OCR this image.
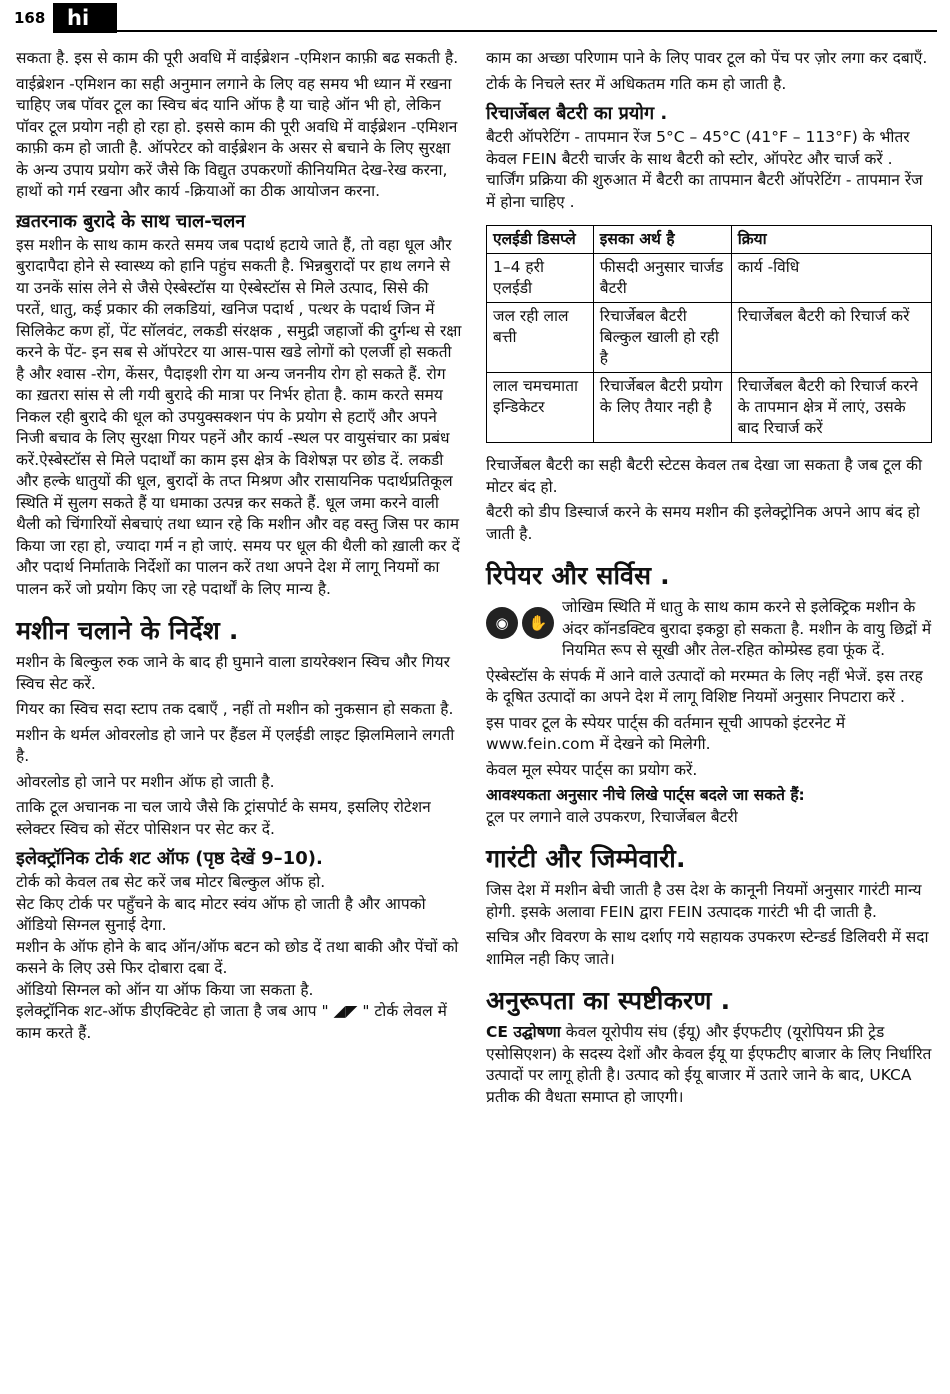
168	hi

सकता है. इस से काम की पूरी अवधि में वाईब्रेशन -एमिशन काफ़ी बढ सकती है.

वाईब्रेशन -एमिशन का सही अनुमान लगाने के लिए वह समय भी ध्यान में रखना चाहिए जब पॉवर टूल का स्विच बंद यानि ऑफ है या चाहे ऑन भी हो, लेकिन पॉवर टूल प्रयोग नही हो रहा हो. इससे काम की पूरी अवधि में वाईब्रेशन -एमिशन काफ़ी कम हो जाती है. ऑपरेटर को वाईब्रेशन के असर से बचाने के लिए सुरक्षा के अन्य उपाय प्रयोग करें जैसे कि विद्युत उपकरणों कीनियमित देख-रेख करना, हाथों को गर्म रखना और कार्य -क्रियाओं का ठीक आयोजन करना.

ख़तरनाक बुरादे के साथ चाल-चलन

इस मशीन के साथ काम करते समय जब पदार्थ हटाये जाते हैं, तो वहा धूल और बुरादापैदा होने से स्वास्थ्य को हानि पहुंच सकती है. भिन्नबुरादों पर हाथ लगने से या उनकें सांस लेने से जैसे ऐस्बेस्टॉस या ऐस्बेस्टॉस से मिले उत्पाद, सिसे की परतें, धातु, कई प्रकार की लकडियां, खनिज पदार्थ , पत्थर के पदार्थ जिन में सिलिकेट कण हों, पेंट सॉलवंट, लकडी संरक्षक , समुद्री जहाजों की दुर्गन्ध से रक्षा करने के पेंट- इन सब से ऑपरेटर या आस-पास खडे लोगों को एलर्जी हो सकती है और श्वास -रोग, केंसर, पैदाइशी रोग या अन्य जननीय रोग हो सकते हैं. रोग का ख़तरा सांस से ली गयी बुरादे की मात्रा पर निर्भर होता है. काम करते समय निकल रही बुरादे की धूल को उपयुक्सक्शन पंप के प्रयोग से हटाएँ और अपने निजी बचाव के लिए सुरक्षा गियर पहनें और कार्य -स्थल पर वायुसंचार का प्रबंध करें.ऐस्बेस्टॉस से मिले पदार्थों का काम इस क्षेत्र के विशेषज्ञ पर छोड दें. लकडी और हल्के धातुयों की धूल, बुरादों के तप्त मिश्रण और रासायनिक पदार्थप्रतिकूल स्थिति में सुलग सकते हैं या धमाका उत्पन्न कर सकते हैं. धूल जमा करने वाली थैली को चिंगारियों सेबचाएं तथा ध्यान रहे कि मशीन और वह वस्तु जिस पर काम किया जा रहा हो, ज्यादा गर्म न हो जाएं. समय पर धूल की थैली को ख़ाली कर दें और पदार्थ निर्माताके निर्देशों का पालन करें तथा अपने देश में लागू नियमों का पालन करें जो प्रयोग किए जा रहे पदार्थों के लिए मान्य है.

मशीन चलाने के निर्देश .

मशीन के बिल्कुल रुक जाने के बाद ही घुमाने वाला डायरेक्शन स्विच और गियर स्विच सेट करें.

गियर का स्विच सदा स्टाप तक दबाएँ , नहीं तो मशीन को नुकसान हो सकता है.

मशीन के थर्मल ओवरलोड हो जाने पर हैंडल में एलईडी लाइट झिलमिलाने लगती है.

ओवरलोड हो जाने पर मशीन ऑफ हो जाती है.

ताकि टूल अचानक ना चल जाये जैसे कि ट्रांसपोर्ट के समय, इसलिए रोटेशन स्लेक्टर स्विच को सेंटर पोसिशन पर सेट कर दें.

इलेक्ट्रॉनिक टोर्क शट ऑफ (पृष्ठ देखें 9–10).

टोर्क को केवल तब सेट करें जब मोटर बिल्कुल ऑफ हो.

सेट किए टोर्क पर पहुँचने के बाद मोटर स्वंय ऑफ हो जाती है और आपको ऑडियो सिग्नल सुनाई देगा.

मशीन के ऑफ होने के बाद ऑन/ऑफ बटन को छोड दें तथा बाकी और पेंचों को कसने के लिए उसे फिर दोबारा दबा दें.

ऑडियो सिग्नल को ऑन या ऑफ किया जा सकता है.

इलेक्ट्रॉनिक शट-ऑफ डीएक्टिवेट हो जाता है जब आप " ◢◤ " टोर्क लेवल में काम करते हैं.

काम का अच्छा परिणाम पाने के लिए पावर टूल को पेंच पर ज़ोर लगा कर दबाएँ.

टोर्क के निचले स्तर में अधिकतम गति कम हो जाती है.

रिचार्जेबल बैटरी का प्रयोग .

बैटरी ऑपरेटिंग - तापमान रेंज 5°C – 45°C (41°F – 113°F) के भीतर केवल FEIN बैटरी चार्जर के साथ बैटरी को स्टोर, ऑपरेट और चार्ज करें . चार्जिंग प्रक्रिया की शुरुआत में बैटरी का तापमान बैटरी ऑपरेटिंग - तापमान रेंज में होना चाहिए .

एलईडी डिसप्ले	इसका अर्थ है	क्रिया
1–4 हरी एलईडी	फीसदी अनुसार चार्जड बैटरी	कार्य -विधि
जल रही लाल बत्ती	रिचार्जेबल बैटरी बिल्कुल खाली हो रही है	रिचार्जेबल बैटरी को रिचार्ज करें
लाल चमचमाता इन्डिकेटर	रिचार्जेबल बैटरी प्रयोग के लिए तैयार नही है	रिचार्जेबल बैटरी को रिचार्ज करने के तापमान क्षेत्र में लाएं, उसके बाद रिचार्ज करें

रिचार्जेबल बैटरी का सही बैटरी स्टेटस केवल तब देखा जा सकता है जब टूल की मोटर बंद हो.

बैटरी को डीप डिस्चार्ज करने के समय मशीन की इलेक्ट्रोनिक अपने आप बंद हो जाती है.

रिपेयर और सर्विस .
◉	✋

जोखिम स्थिति में धातु के साथ काम करने से इलेक्ट्रिक मशीन के अंदर कॉनडक्टिव बुरादा इकठ्ठा हो सकता है. मशीन के वायु छिद्रों में नियमित रूप से सूखी और तेल-रहित कोम्प्रेस्ड हवा फूंक दें.

ऐस्बेस्टॉस के संपर्क में आने वाले उत्पादों को मरम्मत के लिए नहीं भेजें. इस तरह के दूषित उत्पादों का अपने देश में लागू विशिष्ट नियमों अनुसार निपटारा करें .

इस पावर टूल के स्पेयर पार्ट्स की वर्तमान सूची आपको इंटरनेट में www.fein.com में देखने को मिलेगी.

केवल मूल स्पेयर पार्ट्स का प्रयोग करें.

आवश्यकता अनुसार नीचे लिखे पार्ट्स बदले जा सकते हैं:

टूल पर लगाने वाले उपकरण, रिचार्जेबल बैटरी

गारंटी और जिम्मेवारी.

जिस देश में मशीन बेची जाती है उस देश के कानूनी नियमों अनुसार गारंटी मान्य होगी. इसके अलावा FEIN द्वारा FEIN उत्पादक गारंटी भी दी जाती है.

सचित्र और विवरण के साथ दर्शाए गये सहायक उपकरण स्टेन्डर्ड डिलिवरी में सदा शामिल नही किए जाते।

अनुरूपता का स्पष्टीकरण .

CE उद्घोषणा केवल यूरोपीय संघ (ईयू) और ईएफटीए (यूरोपियन फ्री ट्रेड एसोसिएशन) के सदस्य देशों और केवल ईयू या ईएफटीए बाजार के लिए निर्धारित उत्पादों पर लागू होती है। उत्पाद को ईयू बाजार में उतारे जाने के बाद, UKCA प्रतीक की वैधता समाप्त हो जाएगी।
